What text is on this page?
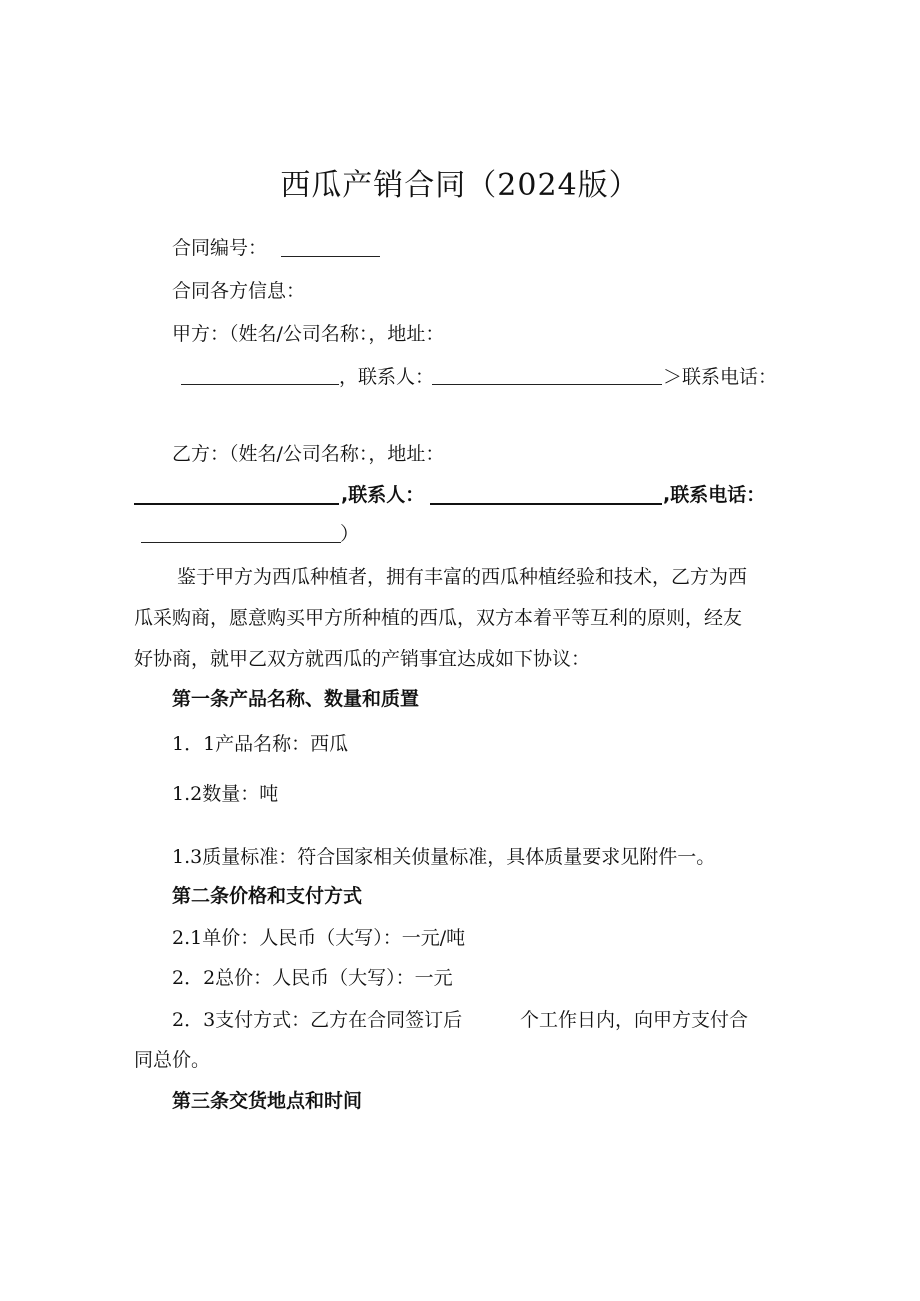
西瓜产销合同（2024版）
合同编号：
合同各方信息：
甲方：（姓名/公司名称：，地址：
，联系人：	＞联系电话：
乙方：（姓名/公司名称：，地址：
,联系人：	,联系电话：
）
鉴于甲方为西瓜种植者，拥有丰富的西瓜种植经验和技术，乙方为西
瓜采购商，愿意购买甲方所种植的西瓜，双方本着平等互利的原则，经友
好协商，就甲乙双方就西瓜的产销事宜达成如下协议：
第一条产品名称、数量和质置
1．1产品名称：西瓜
1.2数量：吨
1.3质量标准：符合国家相关侦量标准，具体质量要求见附件一。
第二条价格和支付方式
2.1单价：人民币（大写）：一元/吨
2．2总价：人民币（大写）：一元
2．3支付方式：乙方在合同签订后	个工作日内，向甲方支付合
同总价。
第三条交货地点和时间
